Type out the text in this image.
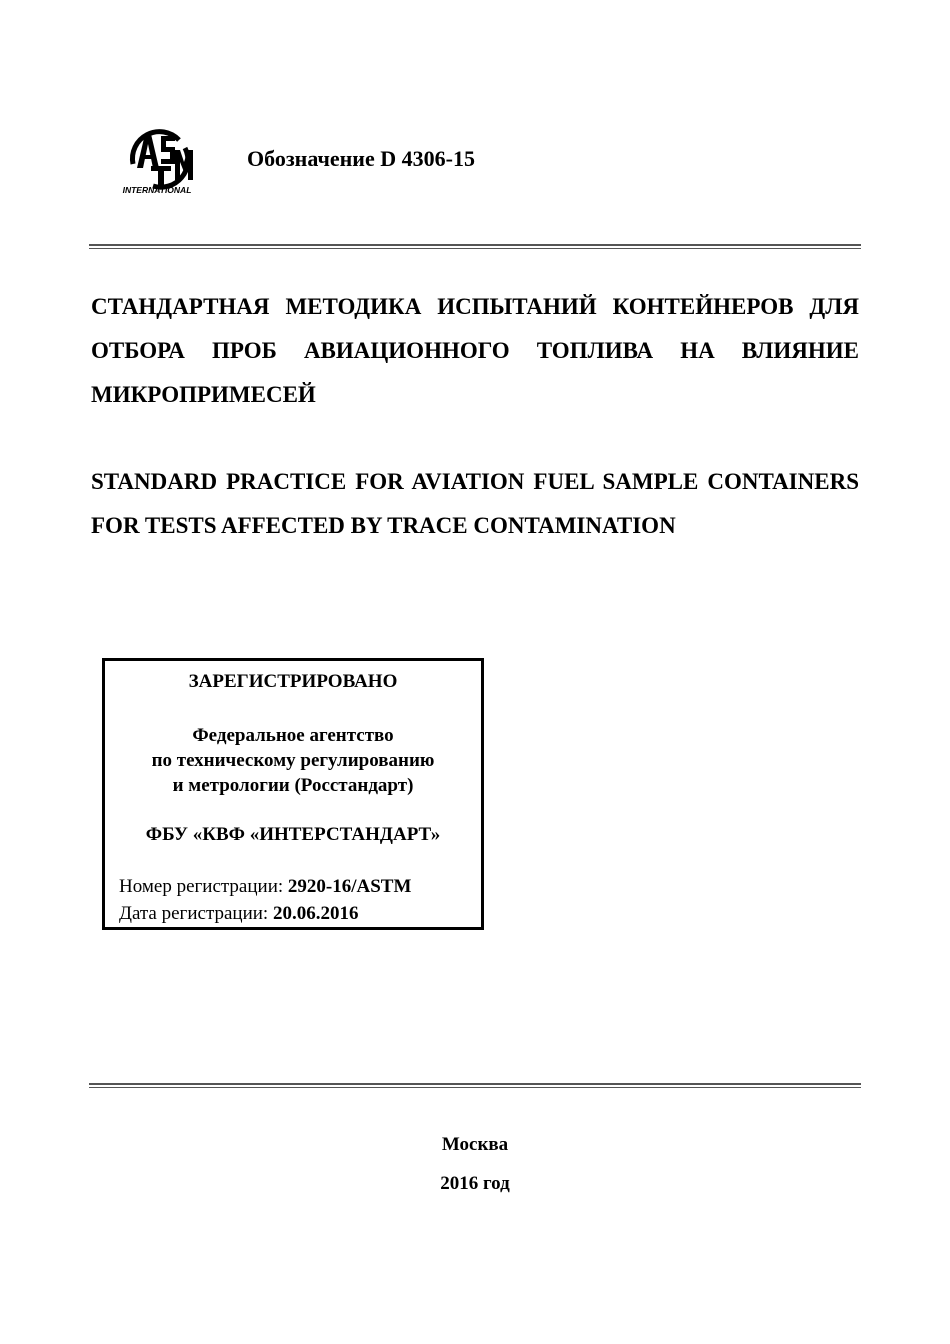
INTERNATIONAL
Обозначение D 4306-15
СТАНДАРТНАЯ МЕТОДИКА ИСПЫТАНИЙ КОНТЕЙНЕРОВ ДЛЯ ОТБОРА ПРОБ АВИАЦИОННОГО ТОПЛИВА НА ВЛИЯНИЕ МИКРОПРИМЕСЕЙ
STANDARD PRACTICE FOR AVIATION FUEL SAMPLE CONTAINERS FOR TESTS AFFECTED BY TRACE CONTAMINATION
ЗАРЕГИСТРИРОВАНО
Федеральное агентство
по техническому регулированию
и метрологии (Росстандарт)
ФБУ «КВФ «ИНТЕРСТАНДАРТ»
Номер регистрации: 2920-16/ASTM
Дата регистрации: 20.06.2016
Москва
2016 год
